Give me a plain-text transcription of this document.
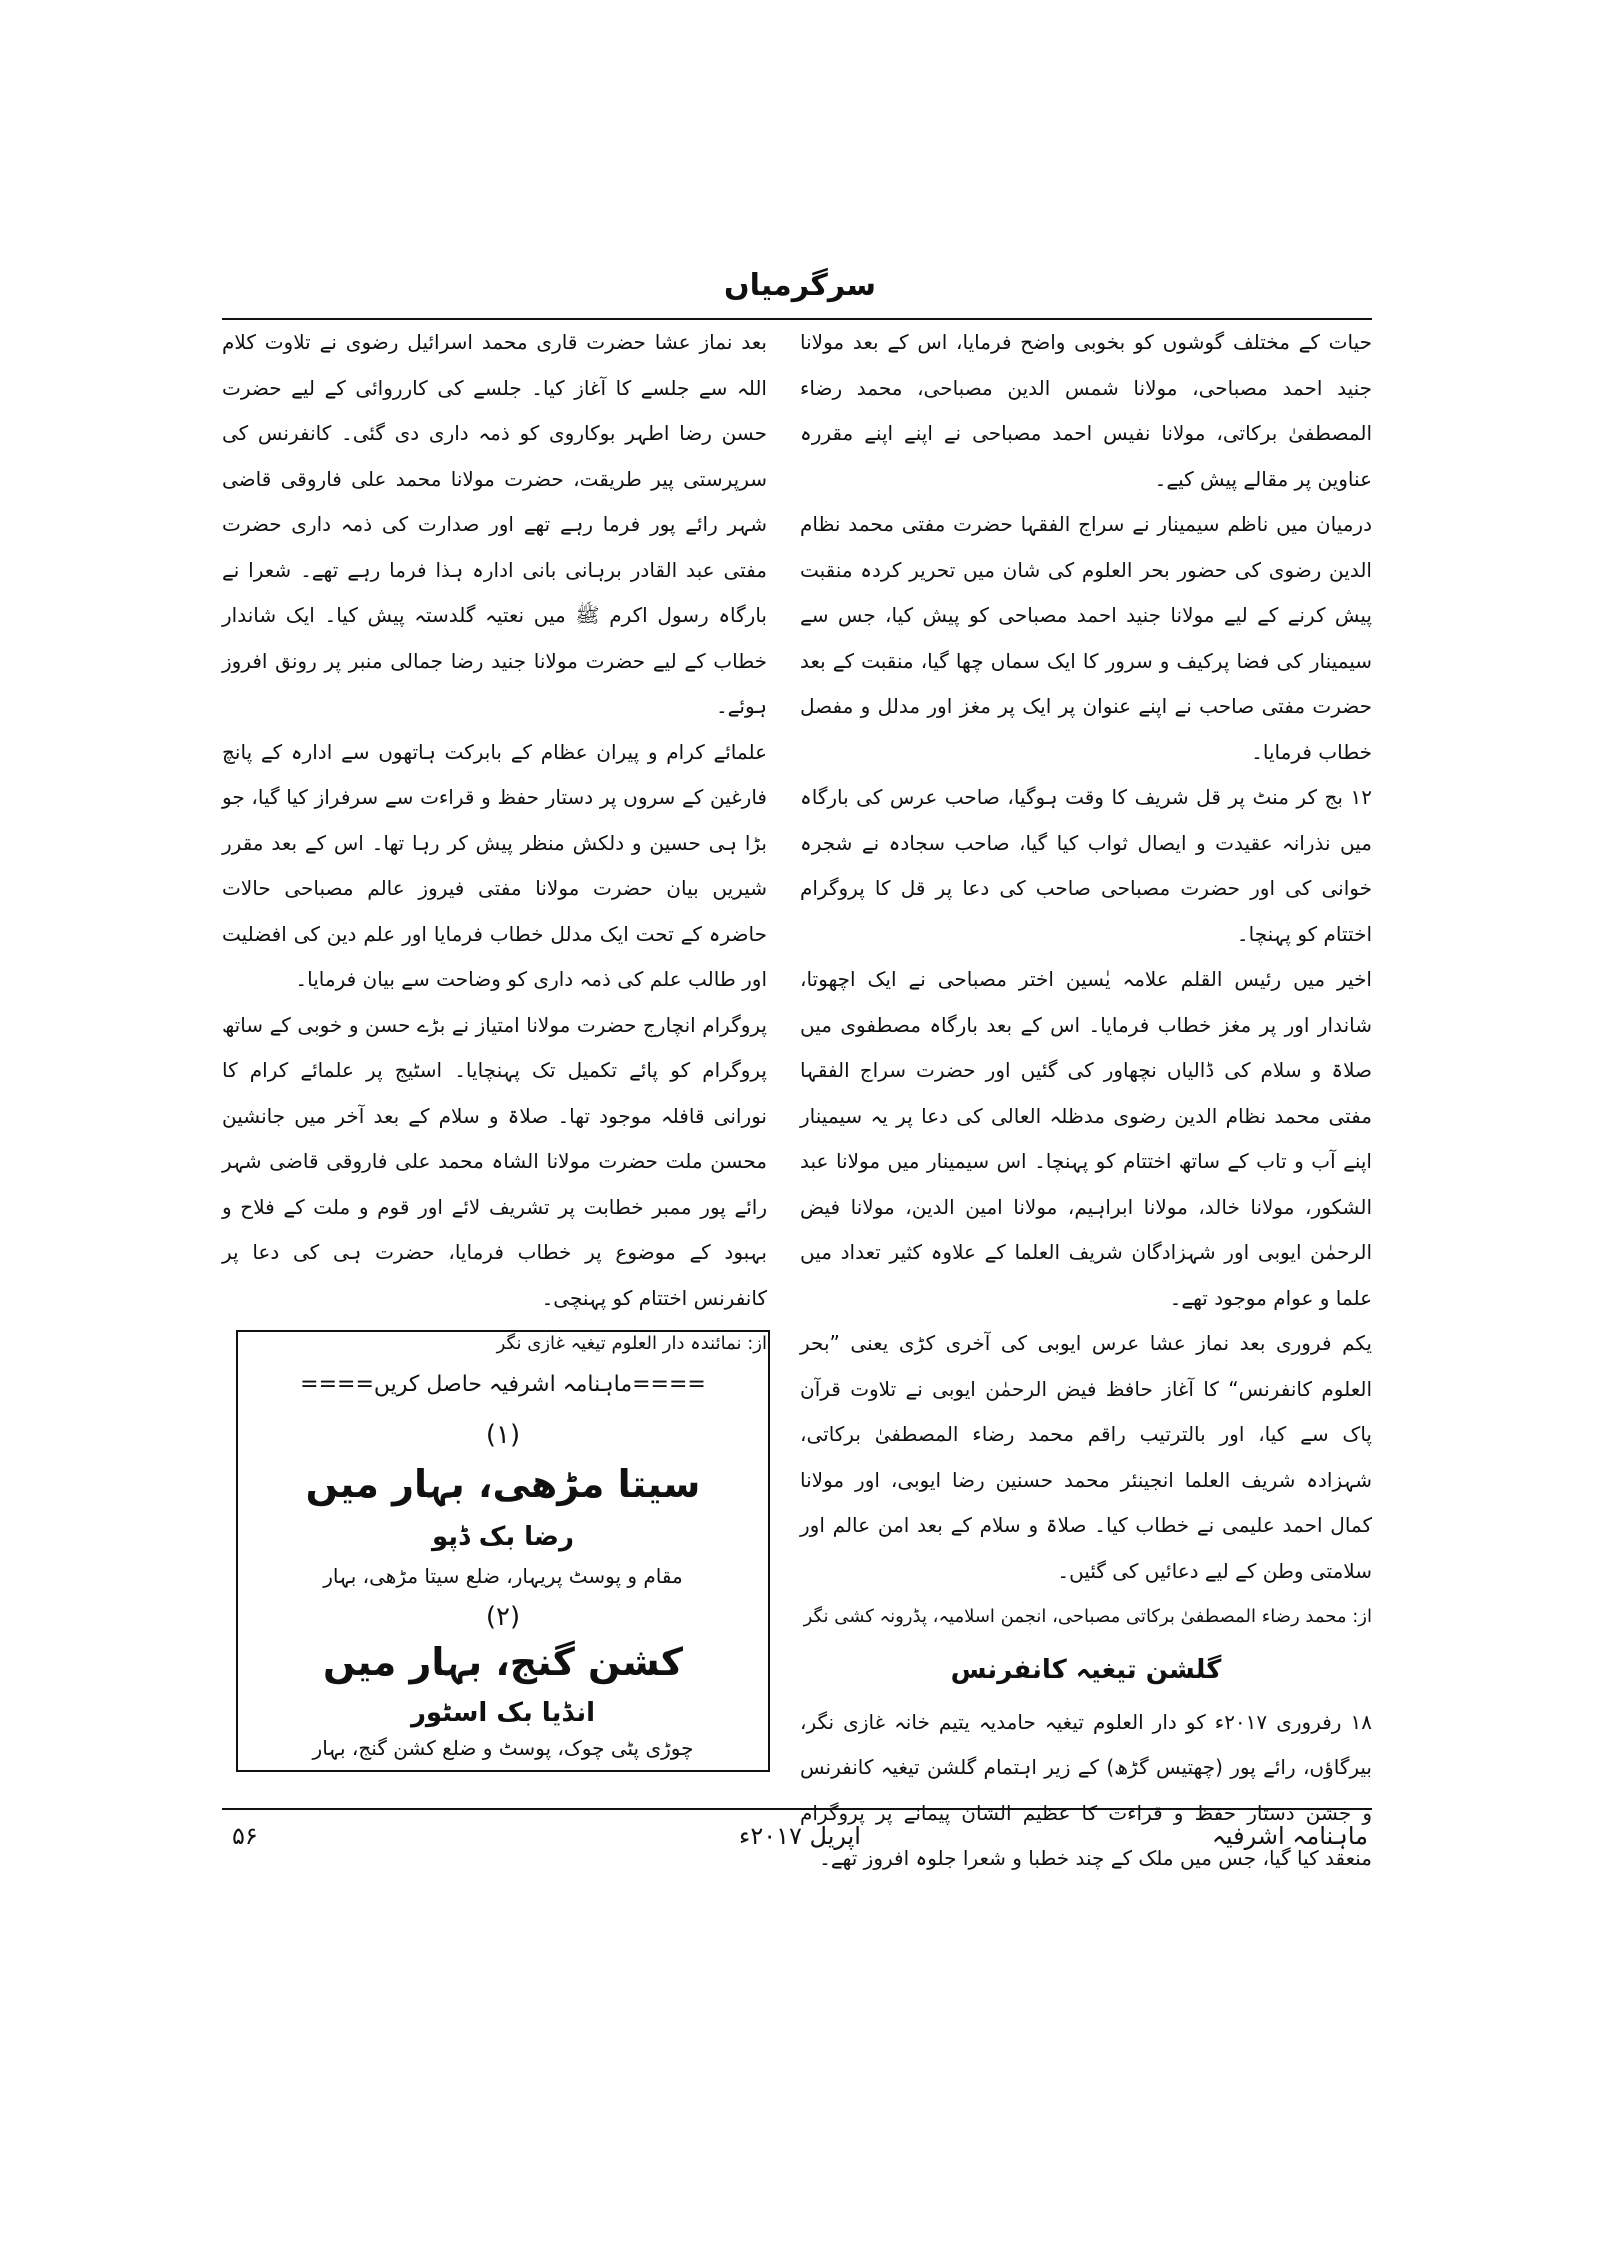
سرگرمیاں

حیات کے مختلف گوشوں کو بخوبی واضح فرمایا، اس کے بعد مولانا جنید احمد مصباحی، مولانا شمس الدین مصباحی، محمد رضاء المصطفیٰ برکاتی، مولانا نفیس احمد مصباحی نے اپنے اپنے مقررہ عناوین پر مقالے پیش کیے۔

درمیان میں ناظم سیمینار نے سراج الفقہا حضرت مفتی محمد نظام الدین رضوی کی حضور بحر العلوم کی شان میں تحریر کردہ منقبت پیش کرنے کے لیے مولانا جنید احمد مصباحی کو پیش کیا، جس سے سیمینار کی فضا پرکیف و سرور کا ایک سماں چھا گیا، منقبت کے بعد حضرت مفتی صاحب نے اپنے عنوان پر ایک پر مغز اور مدلل و مفصل خطاب فرمایا۔

۱۲ بج کر منٹ پر قل شریف کا وقت ہوگیا، صاحب عرس کی بارگاہ میں نذرانہ عقیدت و ایصال ثواب کیا گیا، صاحب سجادہ نے شجرہ خوانی کی اور حضرت مصباحی صاحب کی دعا پر قل کا پروگرام اختتام کو پہنچا۔

اخیر میں رئیس القلم علامہ یٰسین اختر مصباحی نے ایک اچھوتا، شاندار اور پر مغز خطاب فرمایا۔ اس کے بعد بارگاہ مصطفوی میں صلاۃ و سلام کی ڈالیاں نچھاور کی گئیں اور حضرت سراج الفقہا مفتی محمد نظام الدین رضوی مدظلہ العالی کی دعا پر یہ سیمینار اپنے آب و تاب کے ساتھ اختتام کو پہنچا۔ اس سیمینار میں مولانا عبد الشکور، مولانا خالد، مولانا ابراہیم، مولانا امین الدین، مولانا فیض الرحمٰن ایوبی اور شہزادگان شریف العلما کے علاوہ کثیر تعداد میں علما و عوام موجود تھے۔

یکم فروری بعد نماز عشا عرس ایوبی کی آخری کڑی یعنی ”بحر العلوم کانفرنس“ کا آغاز حافظ فیض الرحمٰن ایوبی نے تلاوت قرآن پاک سے کیا، اور بالترتیب راقم محمد رضاء المصطفیٰ برکاتی، شہزادہ شریف العلما انجینئر محمد حسنین رضا ایوبی، اور مولانا کمال احمد علیمی نے خطاب کیا۔ صلاۃ و سلام کے بعد امن عالم اور سلامتی وطن کے لیے دعائیں کی گئیں۔

از: محمد رضاء المصطفیٰ برکاتی مصباحی، انجمن اسلامیہ، پڈرونہ کشی نگر

گلشن تیغیہ کانفرنس

۱۸ رفروری ۲۰۱۷ء کو دار العلوم تیغیہ حامدیہ یتیم خانہ غازی نگر، بیرگاؤں، رائے پور (چھتیس گڑھ) کے زیر اہتمام گلشن تیغیہ کانفرنس و جشن دستار حفظ و قراءت کا عظیم الشان پیمانے پر پروگرام منعقد کیا گیا، جس میں ملک کے چند خطبا و شعرا جلوہ افروز تھے۔

بعد نماز عشا حضرت قاری محمد اسرائیل رضوی نے تلاوت کلام اللہ سے جلسے کا آغاز کیا۔ جلسے کی کارروائی کے لیے حضرت حسن رضا اطہر بوکاروی کو ذمہ داری دی گئی۔ کانفرنس کی سرپرستی پیر طریقت، حضرت مولانا محمد علی فاروقی قاضی شہر رائے پور فرما رہے تھے اور صدارت کی ذمہ داری حضرت مفتی عبد القادر برہانی بانی ادارہ ہذا فرما رہے تھے۔ شعرا نے بارگاہ رسول اکرم ﷺ میں نعتیہ گلدستہ پیش کیا۔ ایک شاندار خطاب کے لیے حضرت مولانا جنید رضا جمالی منبر پر رونق افروز ہوئے۔

علمائے کرام و پیران عظام کے بابرکت ہاتھوں سے ادارہ کے پانچ فارغین کے سروں پر دستار حفظ و قراءت سے سرفراز کیا گیا، جو بڑا ہی حسین و دلکش منظر پیش کر رہا تھا۔ اس کے بعد مقرر شیریں بیان حضرت مولانا مفتی فیروز عالم مصباحی حالات حاضرہ کے تحت ایک مدلل خطاب فرمایا اور علم دین کی افضلیت اور طالب علم کی ذمہ داری کو وضاحت سے بیان فرمایا۔

پروگرام انچارج حضرت مولانا امتیاز نے بڑے حسن و خوبی کے ساتھ پروگرام کو پائے تکمیل تک پہنچایا۔ اسٹیج پر علمائے کرام کا نورانی قافلہ موجود تھا۔ صلاۃ و سلام کے بعد آخر میں جانشین محسن ملت حضرت مولانا الشاہ محمد علی فاروقی قاضی شہر رائے پور ممبر خطابت پر تشریف لائے اور قوم و ملت کے فلاح و بہبود کے موضوع پر خطاب فرمایا، حضرت ہی کی دعا پر کانفرنس اختتام کو پہنچی۔

از: نمائندہ دار العلوم تیغیہ غازی نگر

====ماہنامہ اشرفیہ حاصل کریں====
(۱)
سیتا مڑھی، بہار میں
رضا بک ڈپو
مقام و پوسٹ پریہار، ضلع سیتا مڑھی، بہار
(۲)
کشن گنج، بہار میں
انڈیا بک اسٹور
چوڑی پٹی چوک، پوسٹ و ضلع کشن گنج، بہار
۵۶	اپریل ۲۰۱۷ء	ماہنامہ اشرفیہ
